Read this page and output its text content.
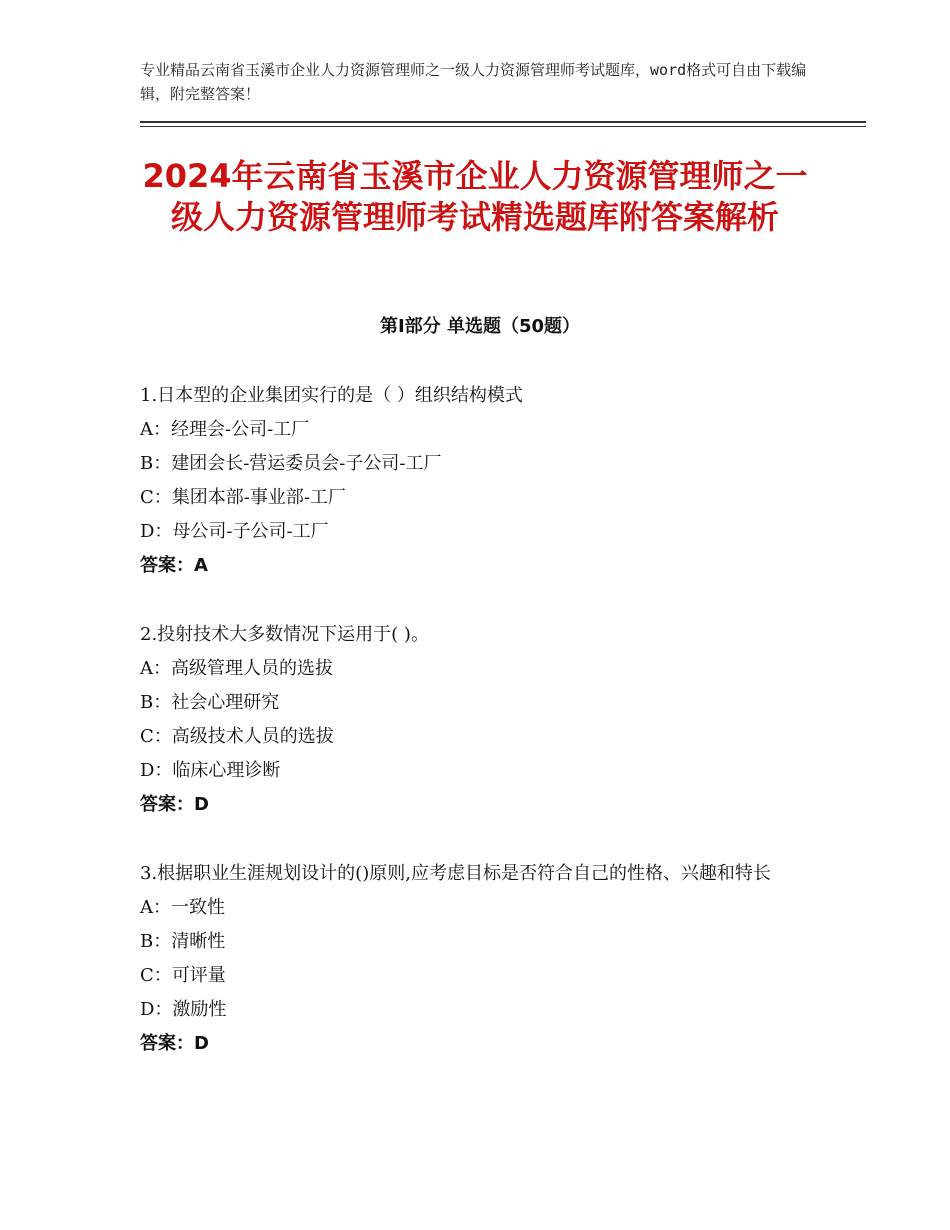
专业精品云南省玉溪市企业人力资源管理师之一级人力资源管理师考试题库，word格式可自由下载编辑，附完整答案！
2024年云南省玉溪市企业人力资源管理师之一级人力资源管理师考试精选题库附答案解析
第Ⅰ部分 单选题（50题）

1.日本型的企业集团实行的是（ ）组织结构模式

A：经理会-公司-工厂

B：建团会长-营运委员会-子公司-工厂

C：集团本部-事业部-工厂

D：母公司-子公司-工厂

答案：A

2.投射技术大多数情况下运用于( )。

A：高级管理人员的选拔

B：社会心理研究

C：高级技术人员的选拔

D：临床心理诊断

答案：D

3.根据职业生涯规划设计的()原则,应考虑目标是否符合自己的性格、兴趣和特长

A：一致性

B：清晰性

C：可评量

D：激励性

答案：D
